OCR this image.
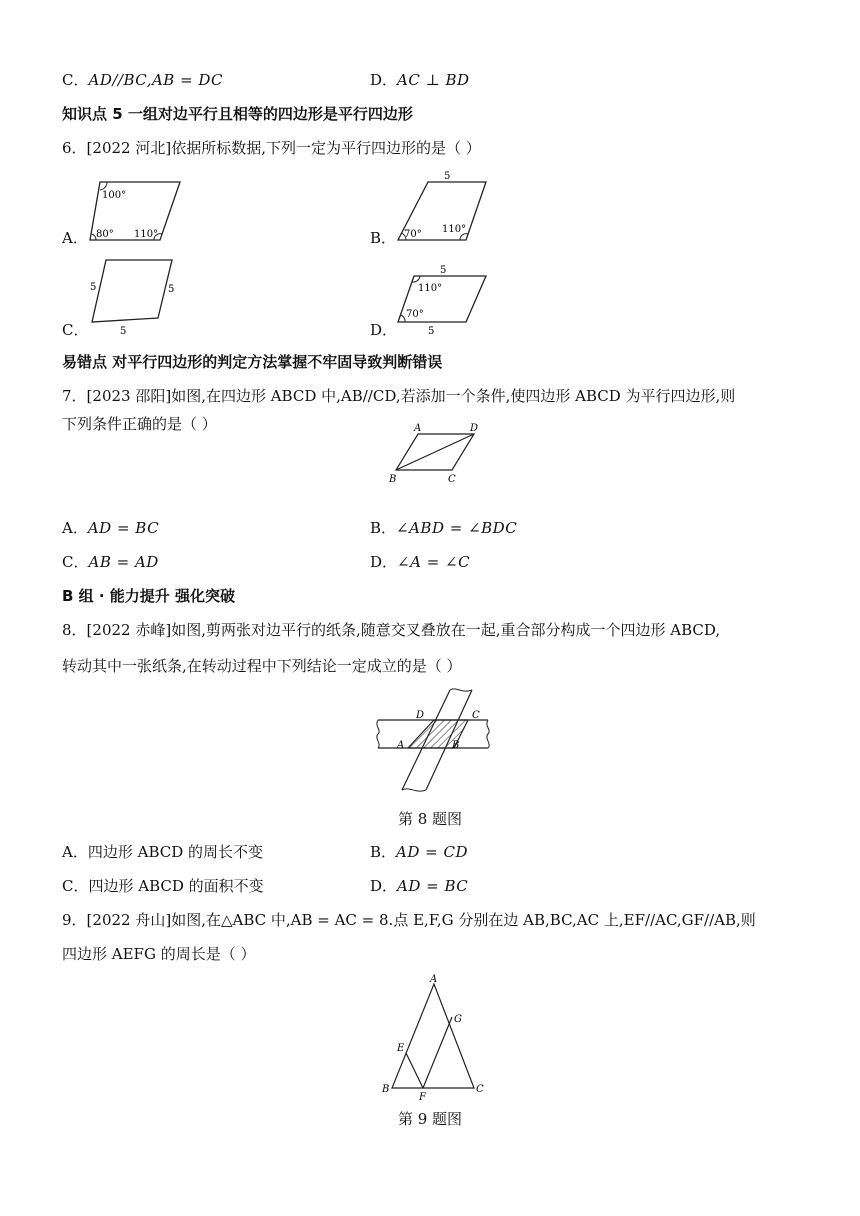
C．AD//BC,AB = DC	D．AC ⊥ BD
知识点 5 一组对边平行且相等的四边形是平行四边形
6．[2022 河北]依据所标数据,下列一定为平行四边形的是（ ）
A．
100°
80° 110°	B．
5
70° 110°
C．
5	5
5	D．
5
110°
70°
5
易错点 对平行四边形的判定方法掌握不牢固导致判断错误
7．[2023 邵阳]如图,在四边形 ABCD 中,AB//CD,若添加一个条件,使四边形 ABCD 为平行四边形,则
下列条件正确的是（ ）	A	D
B	C
A．AD = BC	B．∠ABD = ∠BDC
C．AB = AD	D．∠A = ∠C
B 组 · 能力提升 强化突破
8．[2022 赤峰]如图,剪两张对边平行的纸条,随意交叉叠放在一起,重合部分构成一个四边形 ABCD,
转动其中一张纸条,在转动过程中下列结论一定成立的是（ ）
D	C
A	B
第 8 题图
A．四边形 ABCD 的周长不变	B．AD = CD
C．四边形 ABCD 的面积不变	D．AD = BC
9．[2022 舟山]如图,在△ABC 中,AB = AC = 8.点 E,F,G 分别在边 AB,BC,AC 上,EF//AC,GF//AB,则
四边形 AEFG 的周长是（ ）
A
B	C
E
F
G
第 9 题图
